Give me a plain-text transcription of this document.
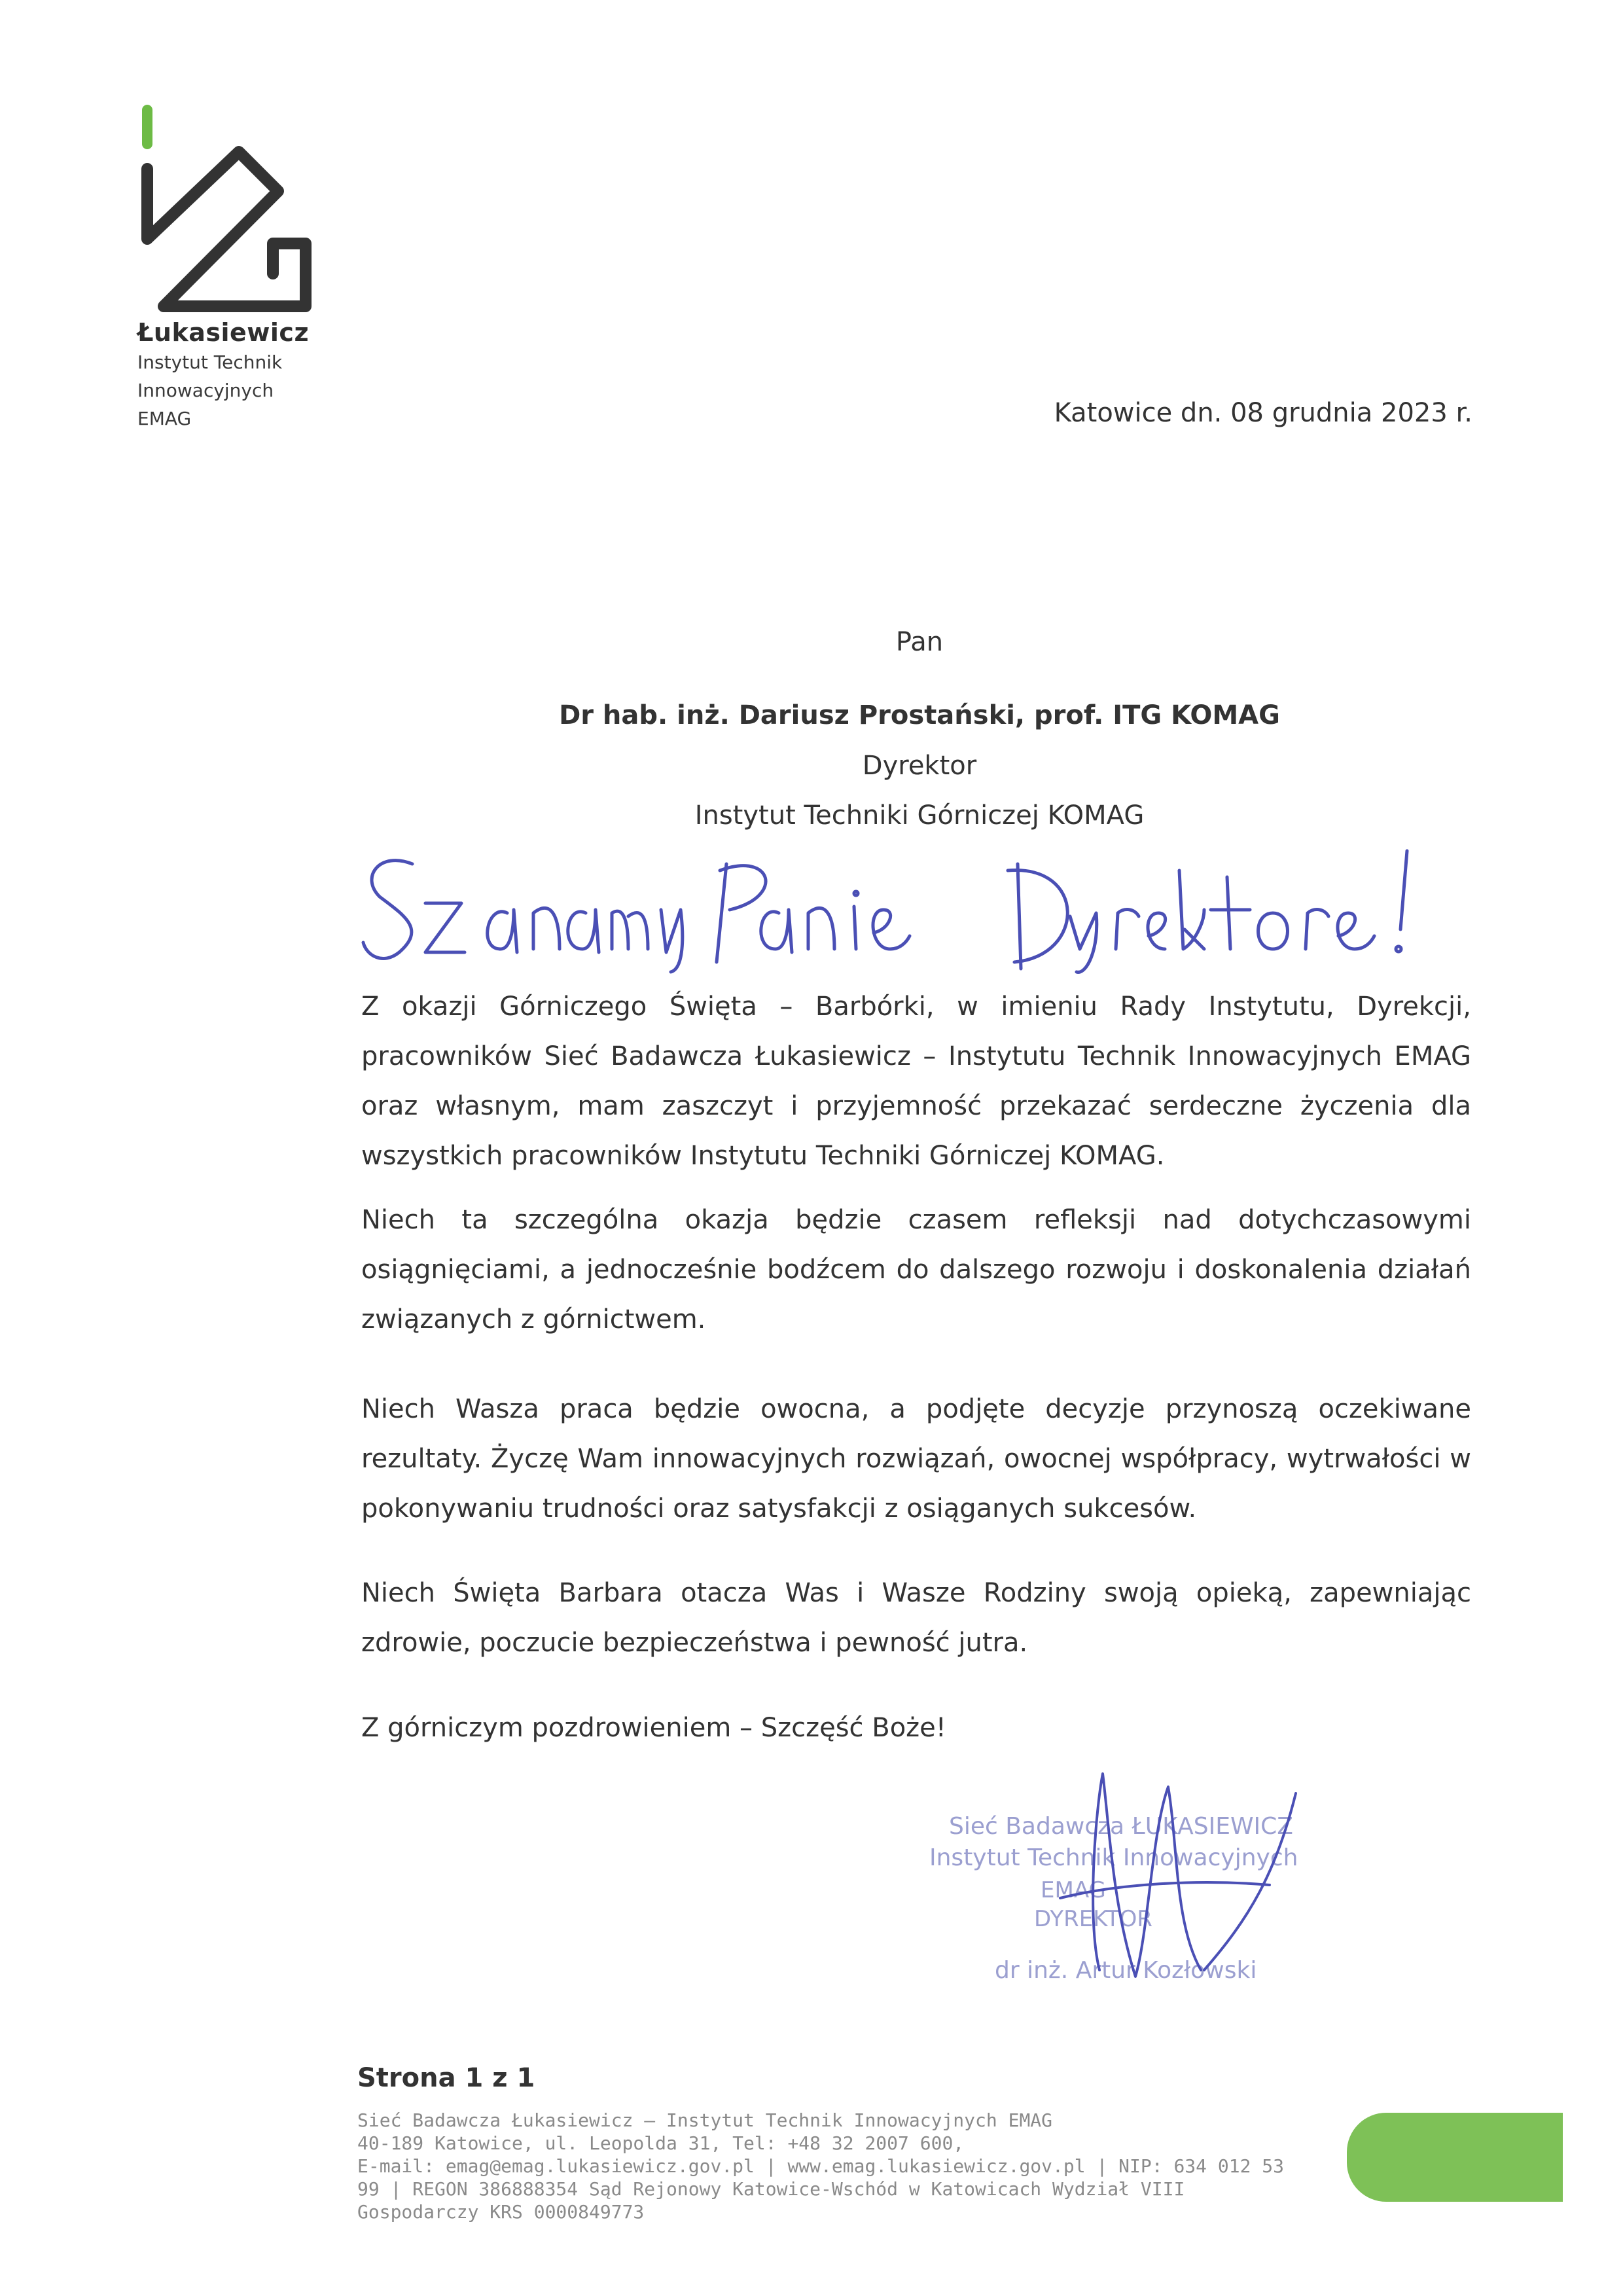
Łukasiewicz
Instytut Technik
Innowacyjnych
EMAG	Katowice dn. 08 grudnia 2023 r.
Pan
Dr hab. inż. Dariusz Prostański, prof. ITG KOMAG
Dyrektor
Instytut Techniki Górniczej KOMAG

Z okazji Górniczego Święta – Barbórki, w imieniu Rady Instytutu, Dyrekcji, pracowników Sieć Badawcza Łukasiewicz – Instytutu Technik Innowacyjnych EMAG oraz własnym, mam zaszczyt i przyjemność przekazać serdeczne życzenia dla wszystkich pracowników Instytutu Techniki Górniczej KOMAG.

Niech ta szczególna okazja będzie czasem refleksji nad dotychczasowymi osiągnięciami, a jednocześnie bodźcem do dalszego rozwoju i doskonalenia działań związanych z górnictwem.

Niech Wasza praca będzie owocna, a podjęte decyzje przynoszą oczekiwane rezultaty. Życzę Wam innowacyjnych rozwiązań, owocnej współpracy, wytrwałości w pokonywaniu trudności oraz satysfakcji z osiąganych sukcesów.

Niech Święta Barbara otacza Was i Wasze Rodziny swoją opieką, zapewniając zdrowie, poczucie bezpieczeństwa i pewność jutra.

Z górniczym pozdrowieniem – Szczęść Boże!

Sieć Badawcza ŁUKASIEWICZ
Instytut Technik Innowacyjnych
EMAG
DYREKTOR
dr inż. Artur Kozłowski
Strona 1 z 1

Sieć Badawcza Łukasiewicz – Instytut Technik Innowacyjnych EMAG
40-189 Katowice, ul. Leopolda 31, Tel: +48 32 2007 600,
E-mail: emag@emag.lukasiewicz.gov.pl | www.emag.lukasiewicz.gov.pl | NIP: 634 012 53
99 | REGON 386888354 Sąd Rejonowy Katowice-Wschód w Katowicach Wydział VIII
Gospodarczy KRS 0000849773
